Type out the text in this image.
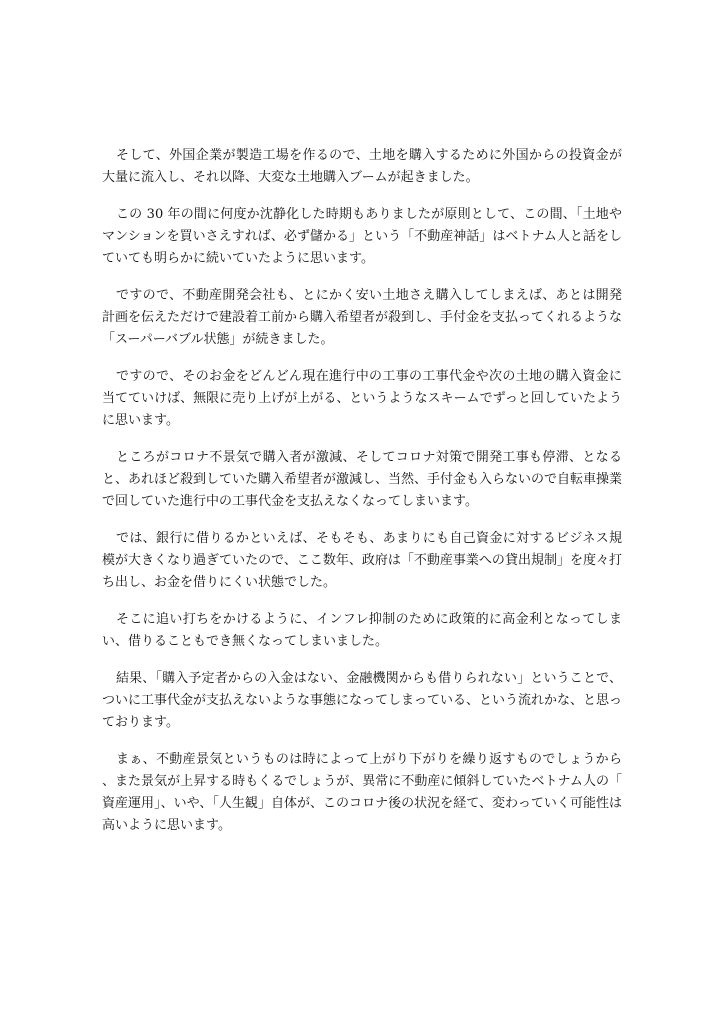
そして、外国企業が製造工場を作るので、土地を購入するために外国からの投資金が大量に流入し、それ以降、大変な土地購入ブームが起きました。

この 30 年の間に何度か沈静化した時期もありましたが原則として、この間、「土地やマンションを買いさえすれば、必ず儲かる」という「不動産神話」はベトナム人と話をしていても明らかに続いていたように思います。

ですので、不動産開発会社も、とにかく安い土地さえ購入してしまえば、あとは開発計画を伝えただけで建設着工前から購入希望者が殺到し、手付金を支払ってくれるような「スーパーバブル状態」が続きました。

ですので、そのお金をどんどん現在進行中の工事の工事代金や次の土地の購入資金に当てていけば、無限に売り上げが上がる、というようなスキームでずっと回していたように思います。

ところがコロナ不景気で購入者が激減、そしてコロナ対策で開発工事も停滞、となると、あれほど殺到していた購入希望者が激減し、当然、手付金も入らないので自転車操業で回していた進行中の工事代金を支払えなくなってしまいます。

では、銀行に借りるかといえば、そもそも、あまりにも自己資金に対するビジネス規模が大きくなり過ぎていたので、ここ数年、政府は「不動産事業への貸出規制」を度々打ち出し、お金を借りにくい状態でした。

そこに追い打ちをかけるように、インフレ抑制のために政策的に高金利となってしまい、借りることもでき無くなってしまいました。

結果、「購入予定者からの入金はない、金融機関からも借りられない」ということで、ついに工事代金が支払えないような事態になってしまっている、という流れかな、と思っております。

まぁ、不動産景気というものは時によって上がり下がりを繰り返すものでしょうから、また景気が上昇する時もくるでしょうが、異常に不動産に傾斜していたベトナム人の「資産運用」、いや、「人生観」自体が、このコロナ後の状況を経て、変わっていく可能性は高いように思います。
